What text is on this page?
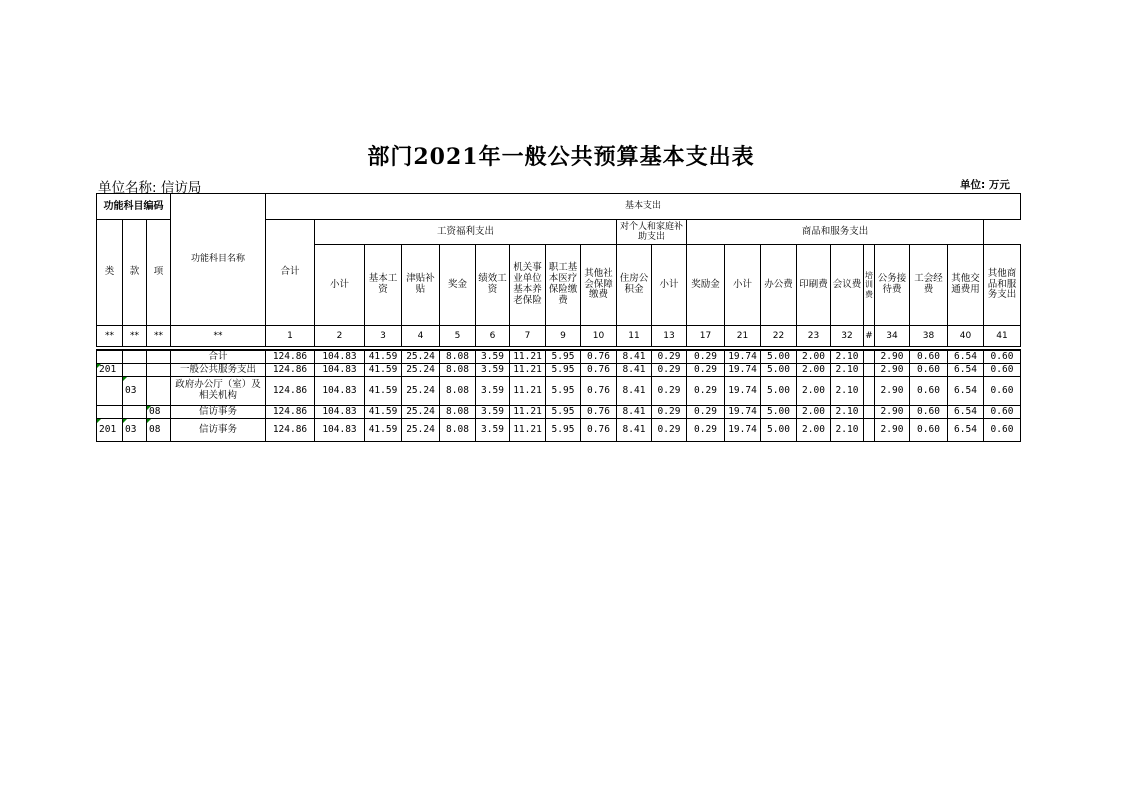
部门2021年一般公共预算基本支出表
单位名称: 信访局	单位: 万元
功能科目编码			功能科目名称	基本支出																				
类	款	项		合计	工资福利支出								对个人和家庭补助支出		商品和服务支出									
					小计	基本工资	津贴补贴	奖金	绩效工资	机关事业单位基本养老保险	职工基本医疗保险缴费	其他社会保障缴费	住房公积金	小计	奖励金	小计	办公费	印刷费	会议费	培训费	公务接待费	工会经费	其他交通费用	其他商品和服务支出
**	**	**	**	1	2	3	4	5	6	7	9	10	11	13	17	21	22	23	32	#	34	38	40	41

			合计	124.86	104.83	41.59	25.24	8.08	3.59	11.21	5.95	0.76	8.41	0.29	0.29	19.74	5.00	2.00	2.10		2.90	0.60	6.54	0.60
201			一般公共服务支出	124.86	104.83	41.59	25.24	8.08	3.59	11.21	5.95	0.76	8.41	0.29	0.29	19.74	5.00	2.00	2.10		2.90	0.60	6.54	0.60
	03		政府办公厅（室）及相关机构	124.86	104.83	41.59	25.24	8.08	3.59	11.21	5.95	0.76	8.41	0.29	0.29	19.74	5.00	2.00	2.10		2.90	0.60	6.54	0.60
		08	信访事务	124.86	104.83	41.59	25.24	8.08	3.59	11.21	5.95	0.76	8.41	0.29	0.29	19.74	5.00	2.00	2.10		2.90	0.60	6.54	0.60
201	03	08	信访事务	124.86	104.83	41.59	25.24	8.08	3.59	11.21	5.95	0.76	8.41	0.29	0.29	19.74	5.00	2.00	2.10		2.90	0.60	6.54	0.60
